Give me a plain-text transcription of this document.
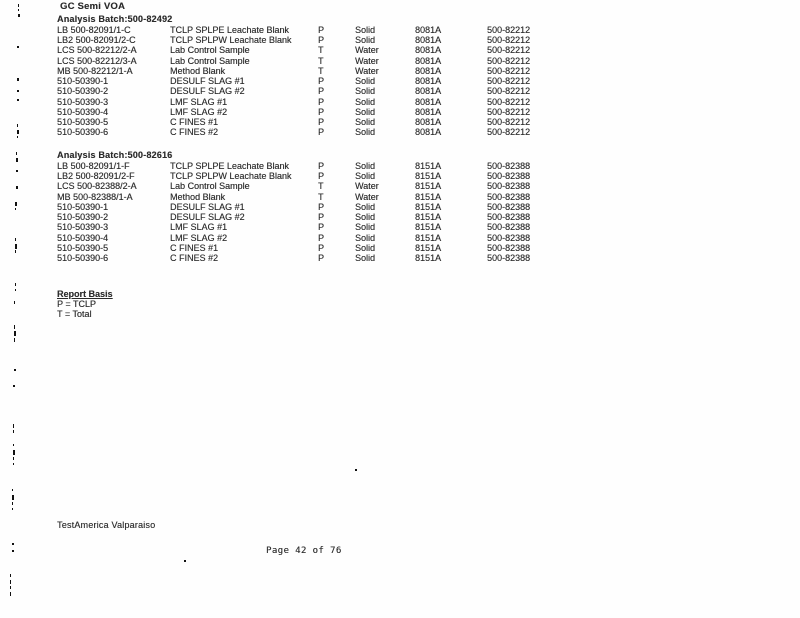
GC Semi VOA
Analysis Batch:500-82492
LB 500-82091/1-C	TCLP SPLPE Leachate Blank	P	Solid	8081A	500-82212
LB2 500-82091/2-C	TCLP SPLPW Leachate Blank	P	Solid	8081A	500-82212
LCS 500-82212/2-A	Lab Control Sample	T	Water	8081A	500-82212
LCS 500-82212/3-A	Lab Control Sample	T	Water	8081A	500-82212
MB 500-82212/1-A	Method Blank	T	Water	8081A	500-82212
510-50390-1	DESULF SLAG #1	P	Solid	8081A	500-82212
510-50390-2	DESULF SLAG #2	P	Solid	8081A	500-82212
510-50390-3	LMF SLAG #1	P	Solid	8081A	500-82212
510-50390-4	LMF SLAG #2	P	Solid	8081A	500-82212
510-50390-5	C FINES #1	P	Solid	8081A	500-82212
510-50390-6	C FINES #2	P	Solid	8081A	500-82212
Analysis Batch:500-82616
LB 500-82091/1-F	TCLP SPLPE Leachate Blank	P	Solid	8151A	500-82388
LB2 500-82091/2-F	TCLP SPLPW Leachate Blank	P	Solid	8151A	500-82388
LCS 500-82388/2-A	Lab Control Sample	T	Water	8151A	500-82388
MB 500-82388/1-A	Method Blank	T	Water	8151A	500-82388
510-50390-1	DESULF SLAG #1	P	Solid	8151A	500-82388
510-50390-2	DESULF SLAG #2	P	Solid	8151A	500-82388
510-50390-3	LMF SLAG #1	P	Solid	8151A	500-82388
510-50390-4	LMF SLAG #2	P	Solid	8151A	500-82388
510-50390-5	C FINES #1	P	Solid	8151A	500-82388
510-50390-6	C FINES #2	P	Solid	8151A	500-82388
Report Basis
P = TCLP
T = Total
TestAmerica Valparaiso
Page 42 of 76
